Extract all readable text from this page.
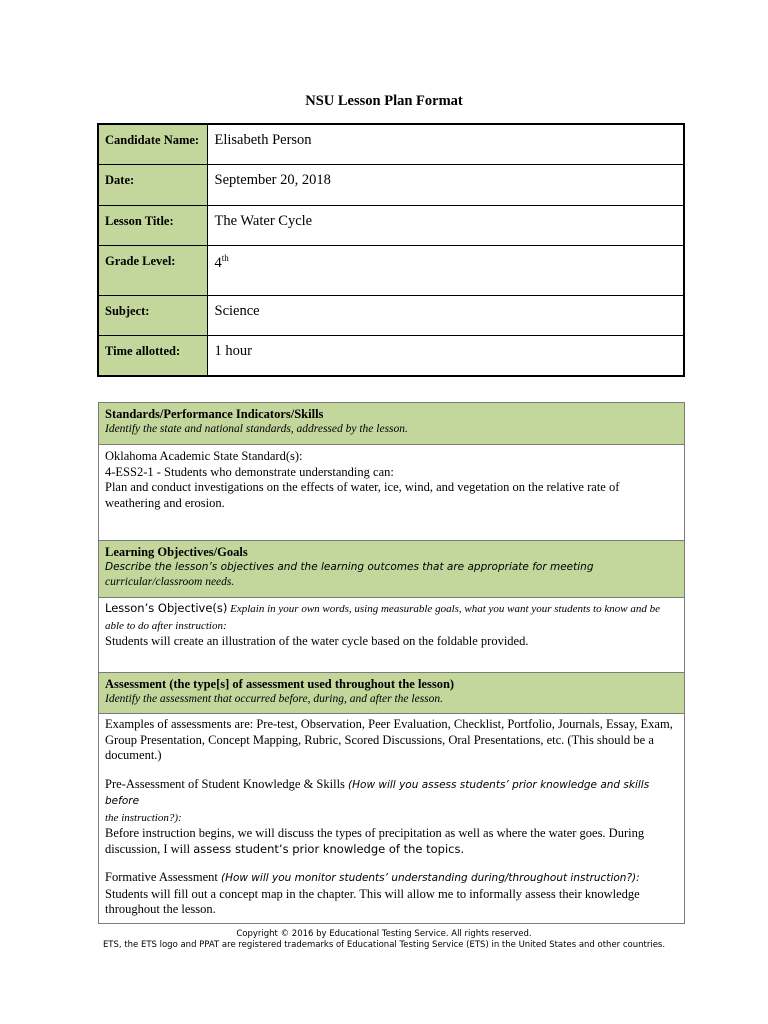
NSU Lesson Plan Format
Candidate Name:	Elisabeth Person
Date:	September 20, 2018
Lesson Title:	The Water Cycle
Grade Level:	4th
Subject:	Science
Time allotted:	1 hour
Standards/Performance Indicators/Skills
Identify the state and national standards, addressed by the lesson.

Oklahoma Academic State Standard(s):
4-ESS2-1 - Students who demonstrate understanding can:
Plan and conduct investigations on the effects of water, ice, wind, and vegetation on the relative rate of weathering and erosion.

Learning Objectives/Goals
Describe the lesson’s objectives and the learning outcomes that are appropriate for meeting
curricular/classroom needs.

Lesson’s Objective(s) Explain in your own words, using measurable goals, what you want your students to know and be able to do after instruction:
Students will create an illustration of the water cycle based on the foldable provided.

Assessment (the type[s] of assessment used throughout the lesson)
Identify the assessment that occurred before, during, and after the lesson.

Examples of assessments are: Pre-test, Observation, Peer Evaluation, Checklist, Portfolio, Journals, Essay, Exam, Group Presentation, Concept Mapping, Rubric, Scored Discussions, Oral Presentations, etc. (This should be a document.)
Pre-Assessment of Student Knowledge & Skills (How will you assess students’ prior knowledge and skills before
the instruction?):
Before instruction begins, we will discuss the types of precipitation as well as where the water goes. During discussion, I will assess student’s prior knowledge of the topics.
Formative Assessment (How will you monitor students’ understanding during/throughout instruction?):
Students will fill out a concept map in the chapter. This will allow me to informally assess their knowledge throughout the lesson.
Copyright © 2016 by Educational Testing Service. All rights reserved.
ETS, the ETS logo and PPAT are registered trademarks of Educational Testing Service (ETS) in the United States and other countries.
